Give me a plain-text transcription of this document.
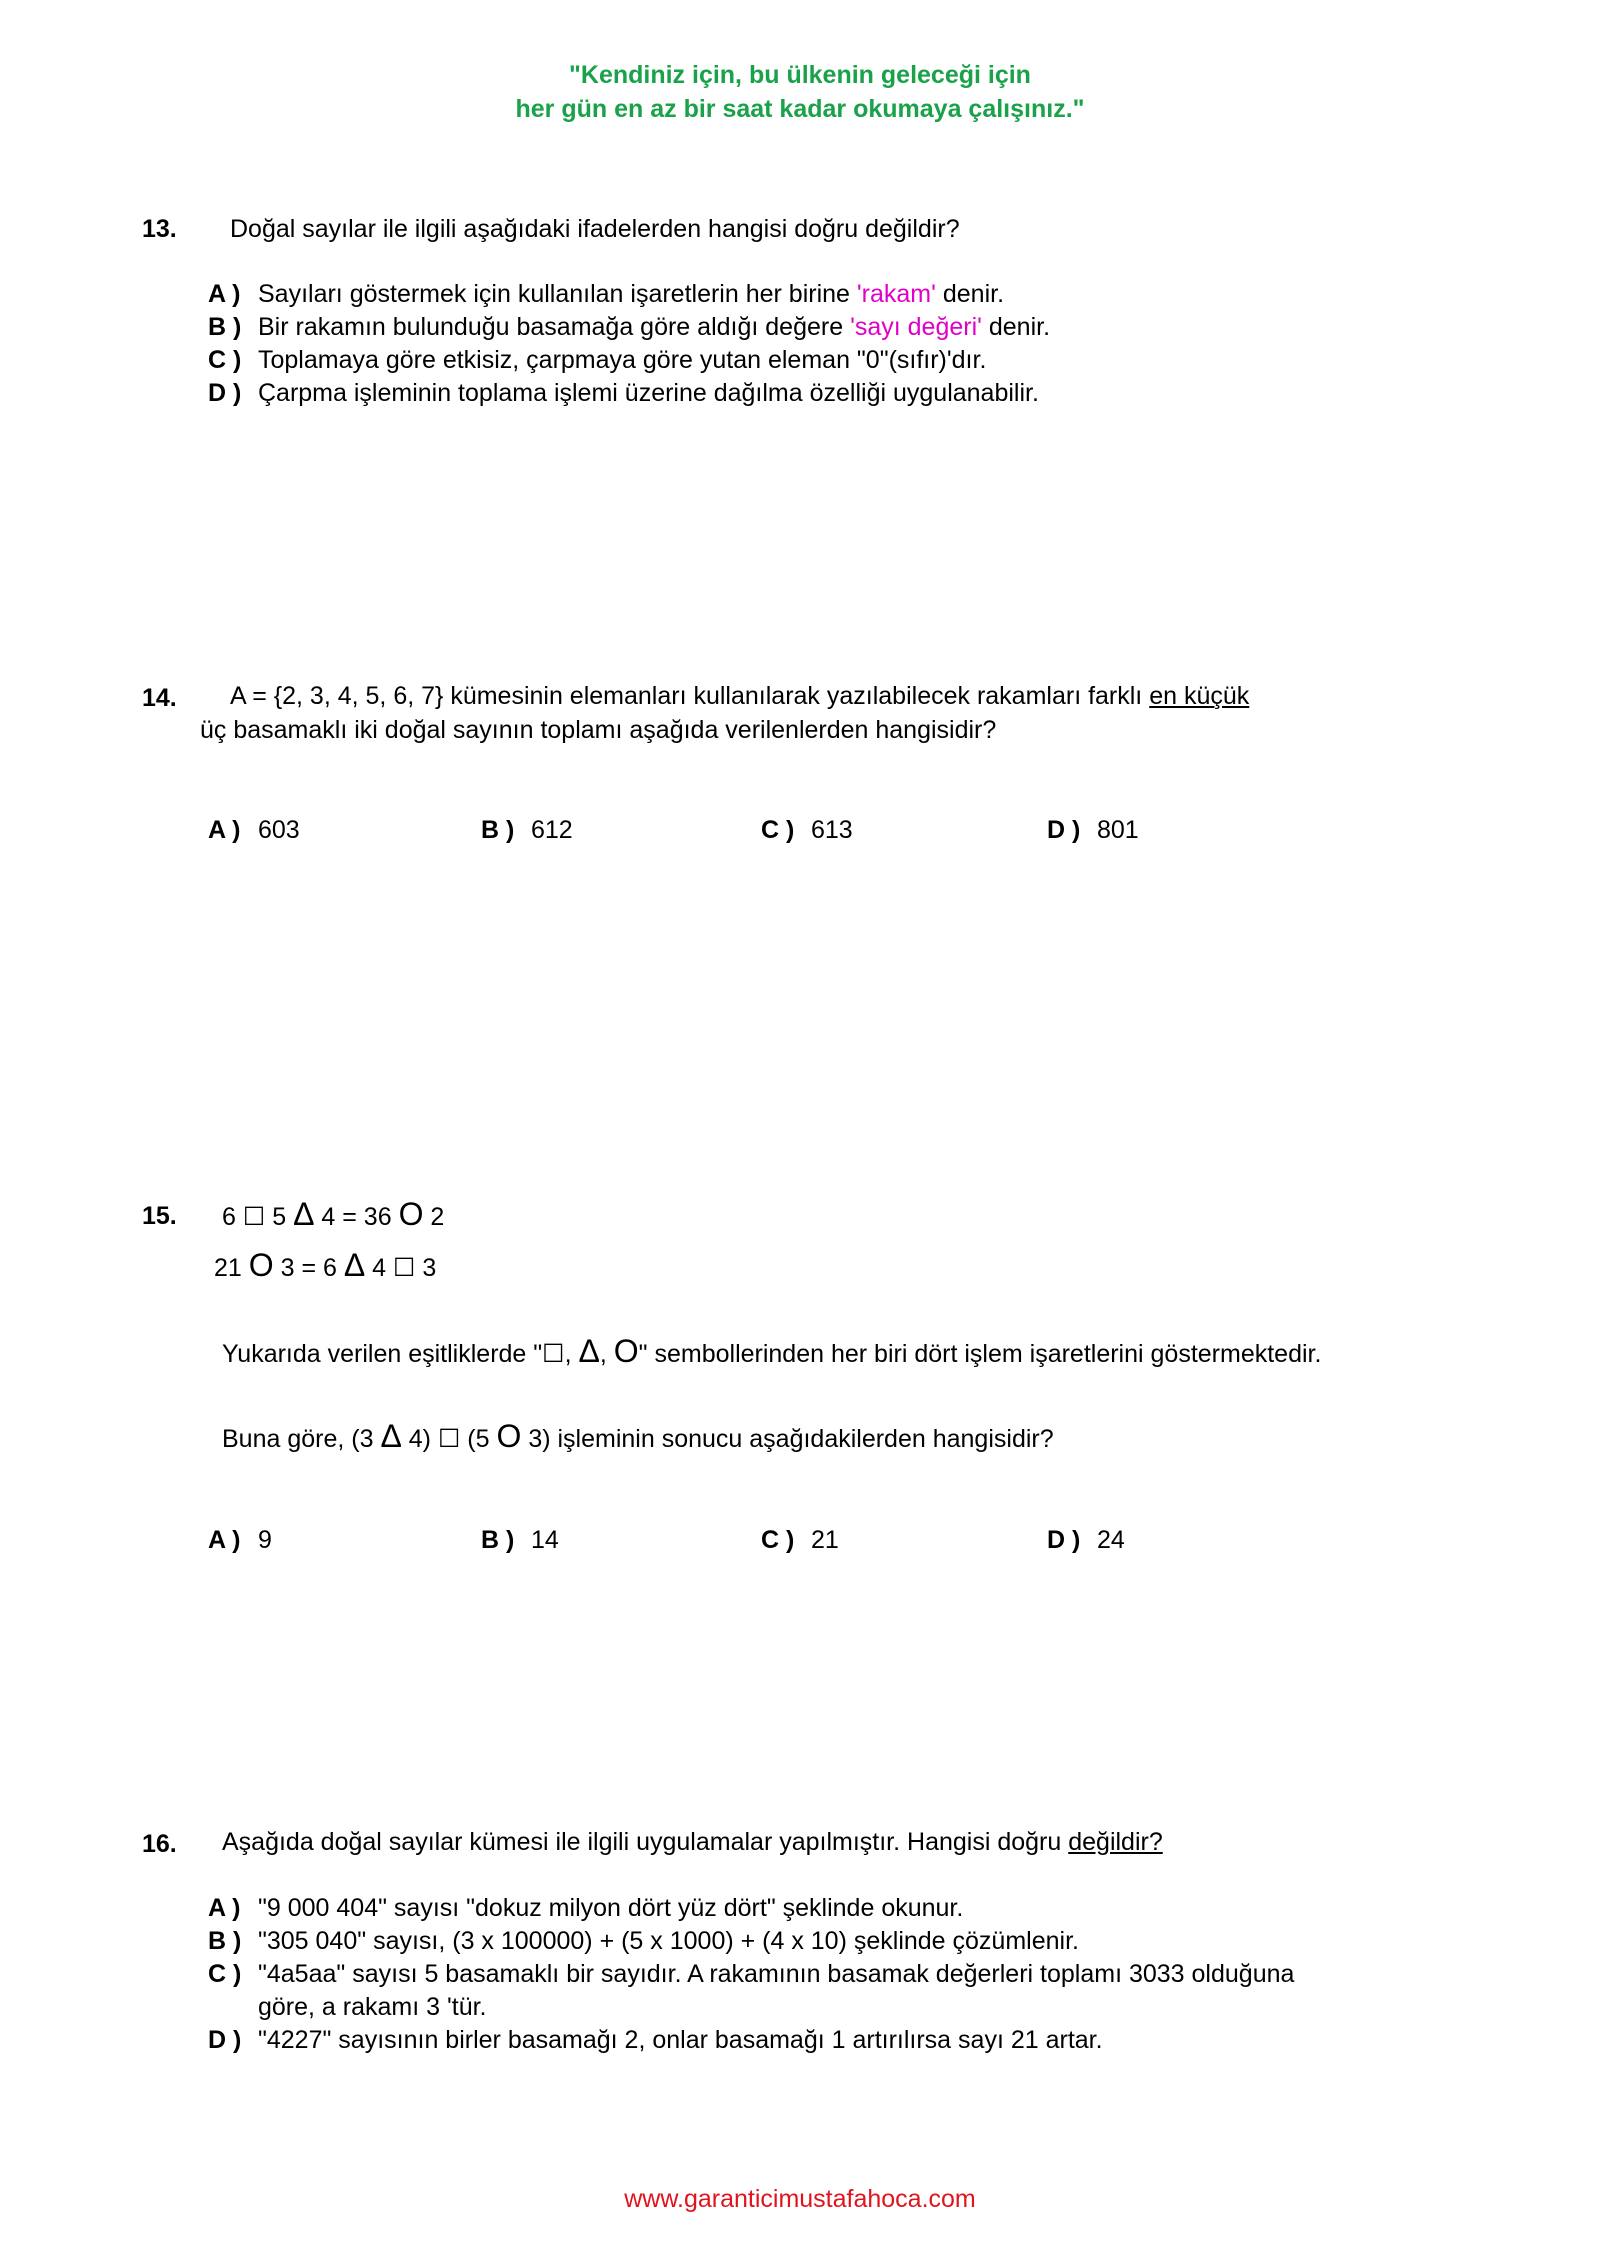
"Kendiniz için, bu ülkenin geleceği için
her gün en az bir saat kadar okumaya çalışınız."
13. Doğal sayılar ile ilgili aşağıdaki ifadelerden hangisi doğru değildir?
A ) Sayıları göstermek için kullanılan işaretlerin her birine 'rakam' denir.
B ) Bir rakamın bulunduğu basamağa göre aldığı değere 'sayı değeri' denir.
C ) Toplamaya göre etkisiz, çarpmaya göre yutan eleman "0"(sıfır)'dır.
D ) Çarpma işleminin toplama işlemi üzerine dağılma özelliği uygulanabilir.
14. A = {2, 3, 4, 5, 6, 7} kümesinin elemanları kullanılarak yazılabilecek rakamları farklı en küçük
üç basamaklı iki doğal sayının toplamı aşağıda verilenlerden hangisidir?
A ) 603	B ) 612	C ) 613	D ) 801
15. 6 ☐ 5 Δ 4 = 36 O 2
21 O 3 = 6 Δ 4 ☐ 3
Yukarıda verilen eşitliklerde "☐, Δ, O" sembollerinden her biri dört işlem işaretlerini göstermektedir.
Buna göre, (3 Δ 4) ☐ (5 O 3) işleminin sonucu aşağıdakilerden hangisidir?
A ) 9	B ) 14	C ) 21	D ) 24
16. Aşağıda doğal sayılar kümesi ile ilgili uygulamalar yapılmıştır. Hangisi doğru değildir?
A ) "9 000 404" sayısı "dokuz milyon dört yüz dört" şeklinde okunur.
B ) "305 040" sayısı, (3 x 100000) + (5 x 1000) + (4 x 10) şeklinde çözümlenir.
C ) "4a5aa" sayısı 5 basamaklı bir sayıdır. A rakamının basamak değerleri toplamı 3033 olduğuna
göre, a rakamı 3 'tür.
D ) "4227" sayısının birler basamağı 2, onlar basamağı 1 artırılırsa sayı 21 artar.
www.garanticimustafahoca.com
